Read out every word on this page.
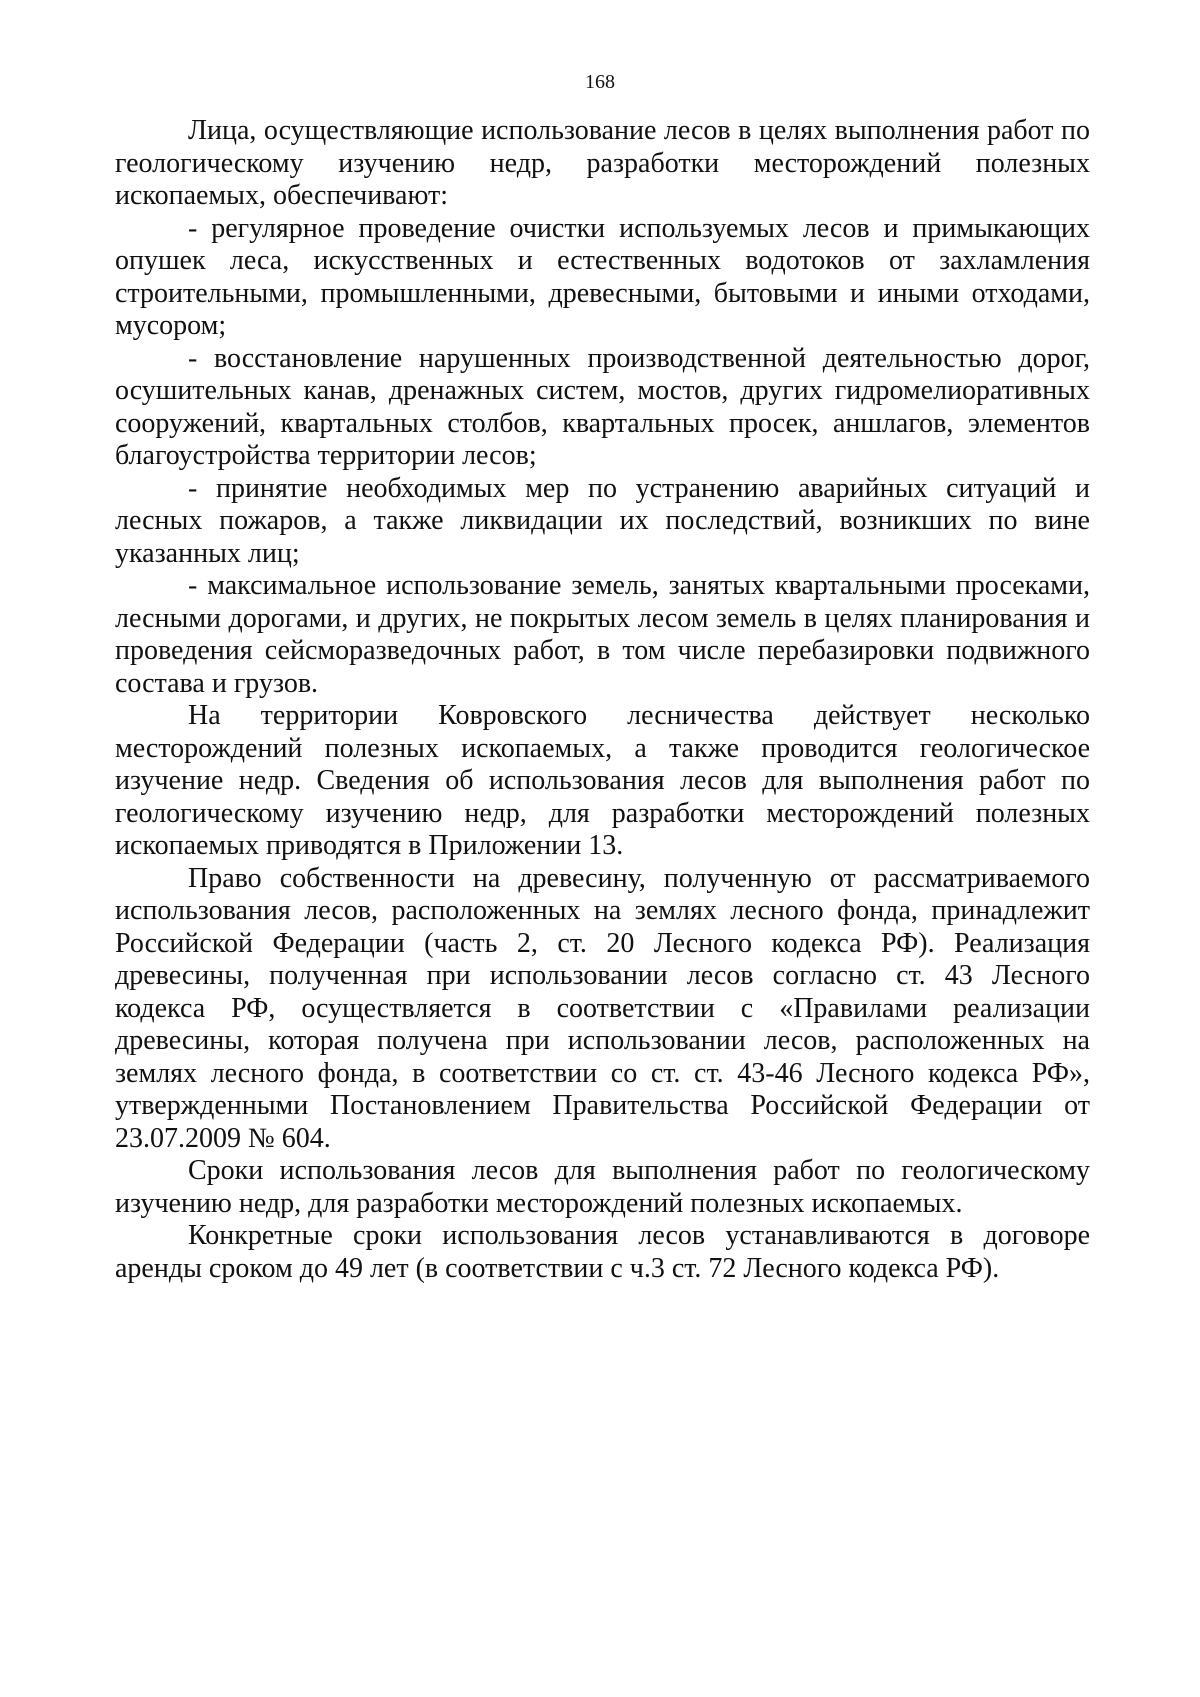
168

Лица, осуществляющие использование лесов в целях выполнения работ по геологическому изучению недр, разработки месторождений полезных ископаемых, обеспечивают:

- регулярное проведение очистки используемых лесов и примыкающих опушек леса, искусственных и естественных водотоков от захламления строительными, промышленными, древесными, бытовыми и иными отходами, мусором;

- восстановление нарушенных производственной деятельностью дорог, осушительных канав, дренажных систем, мостов, других гидромелиоративных сооружений, квартальных столбов, квартальных просек, аншлагов, элементов благоустройства территории лесов;

- принятие необходимых мер по устранению аварийных ситуаций и лесных пожаров, а также ликвидации их последствий, возникших по вине указанных лиц;

- максимальное использование земель, занятых квартальными просеками, лесными дорогами, и других, не покрытых лесом земель в целях планирования и проведения сейсморазведочных работ, в том числе перебазировки подвижного состава и грузов.

На территории Ковровского лесничества действует несколько месторождений полезных ископаемых, а также проводится геологическое изучение недр. Сведения об использования лесов для выполнения работ по геологическому изучению недр, для разработки месторождений полезных ископаемых приводятся в Приложении 13.

Право собственности на древесину, полученную от рассматриваемого использования лесов, расположенных на землях лесного фонда, принадлежит Российской Федерации (часть 2, ст. 20 Лесного кодекса РФ). Реализация древесины, полученная при использовании лесов согласно ст. 43 Лесного кодекса РФ, осуществляется в соответствии с «Правилами реализации древесины, которая получена при использовании лесов, расположенных на землях лесного фонда, в соответствии со ст. ст. 43-46 Лесного кодекса РФ», утвержденными Постановлением Правительства Российской Федерации от 23.07.2009 № 604.

Сроки использования лесов для выполнения работ по геологическому изучению недр, для разработки месторождений полезных ископаемых.

Конкретные сроки использования лесов устанавливаются в договоре аренды сроком до 49 лет (в соответствии с ч.3 ст. 72 Лесного кодекса РФ).
